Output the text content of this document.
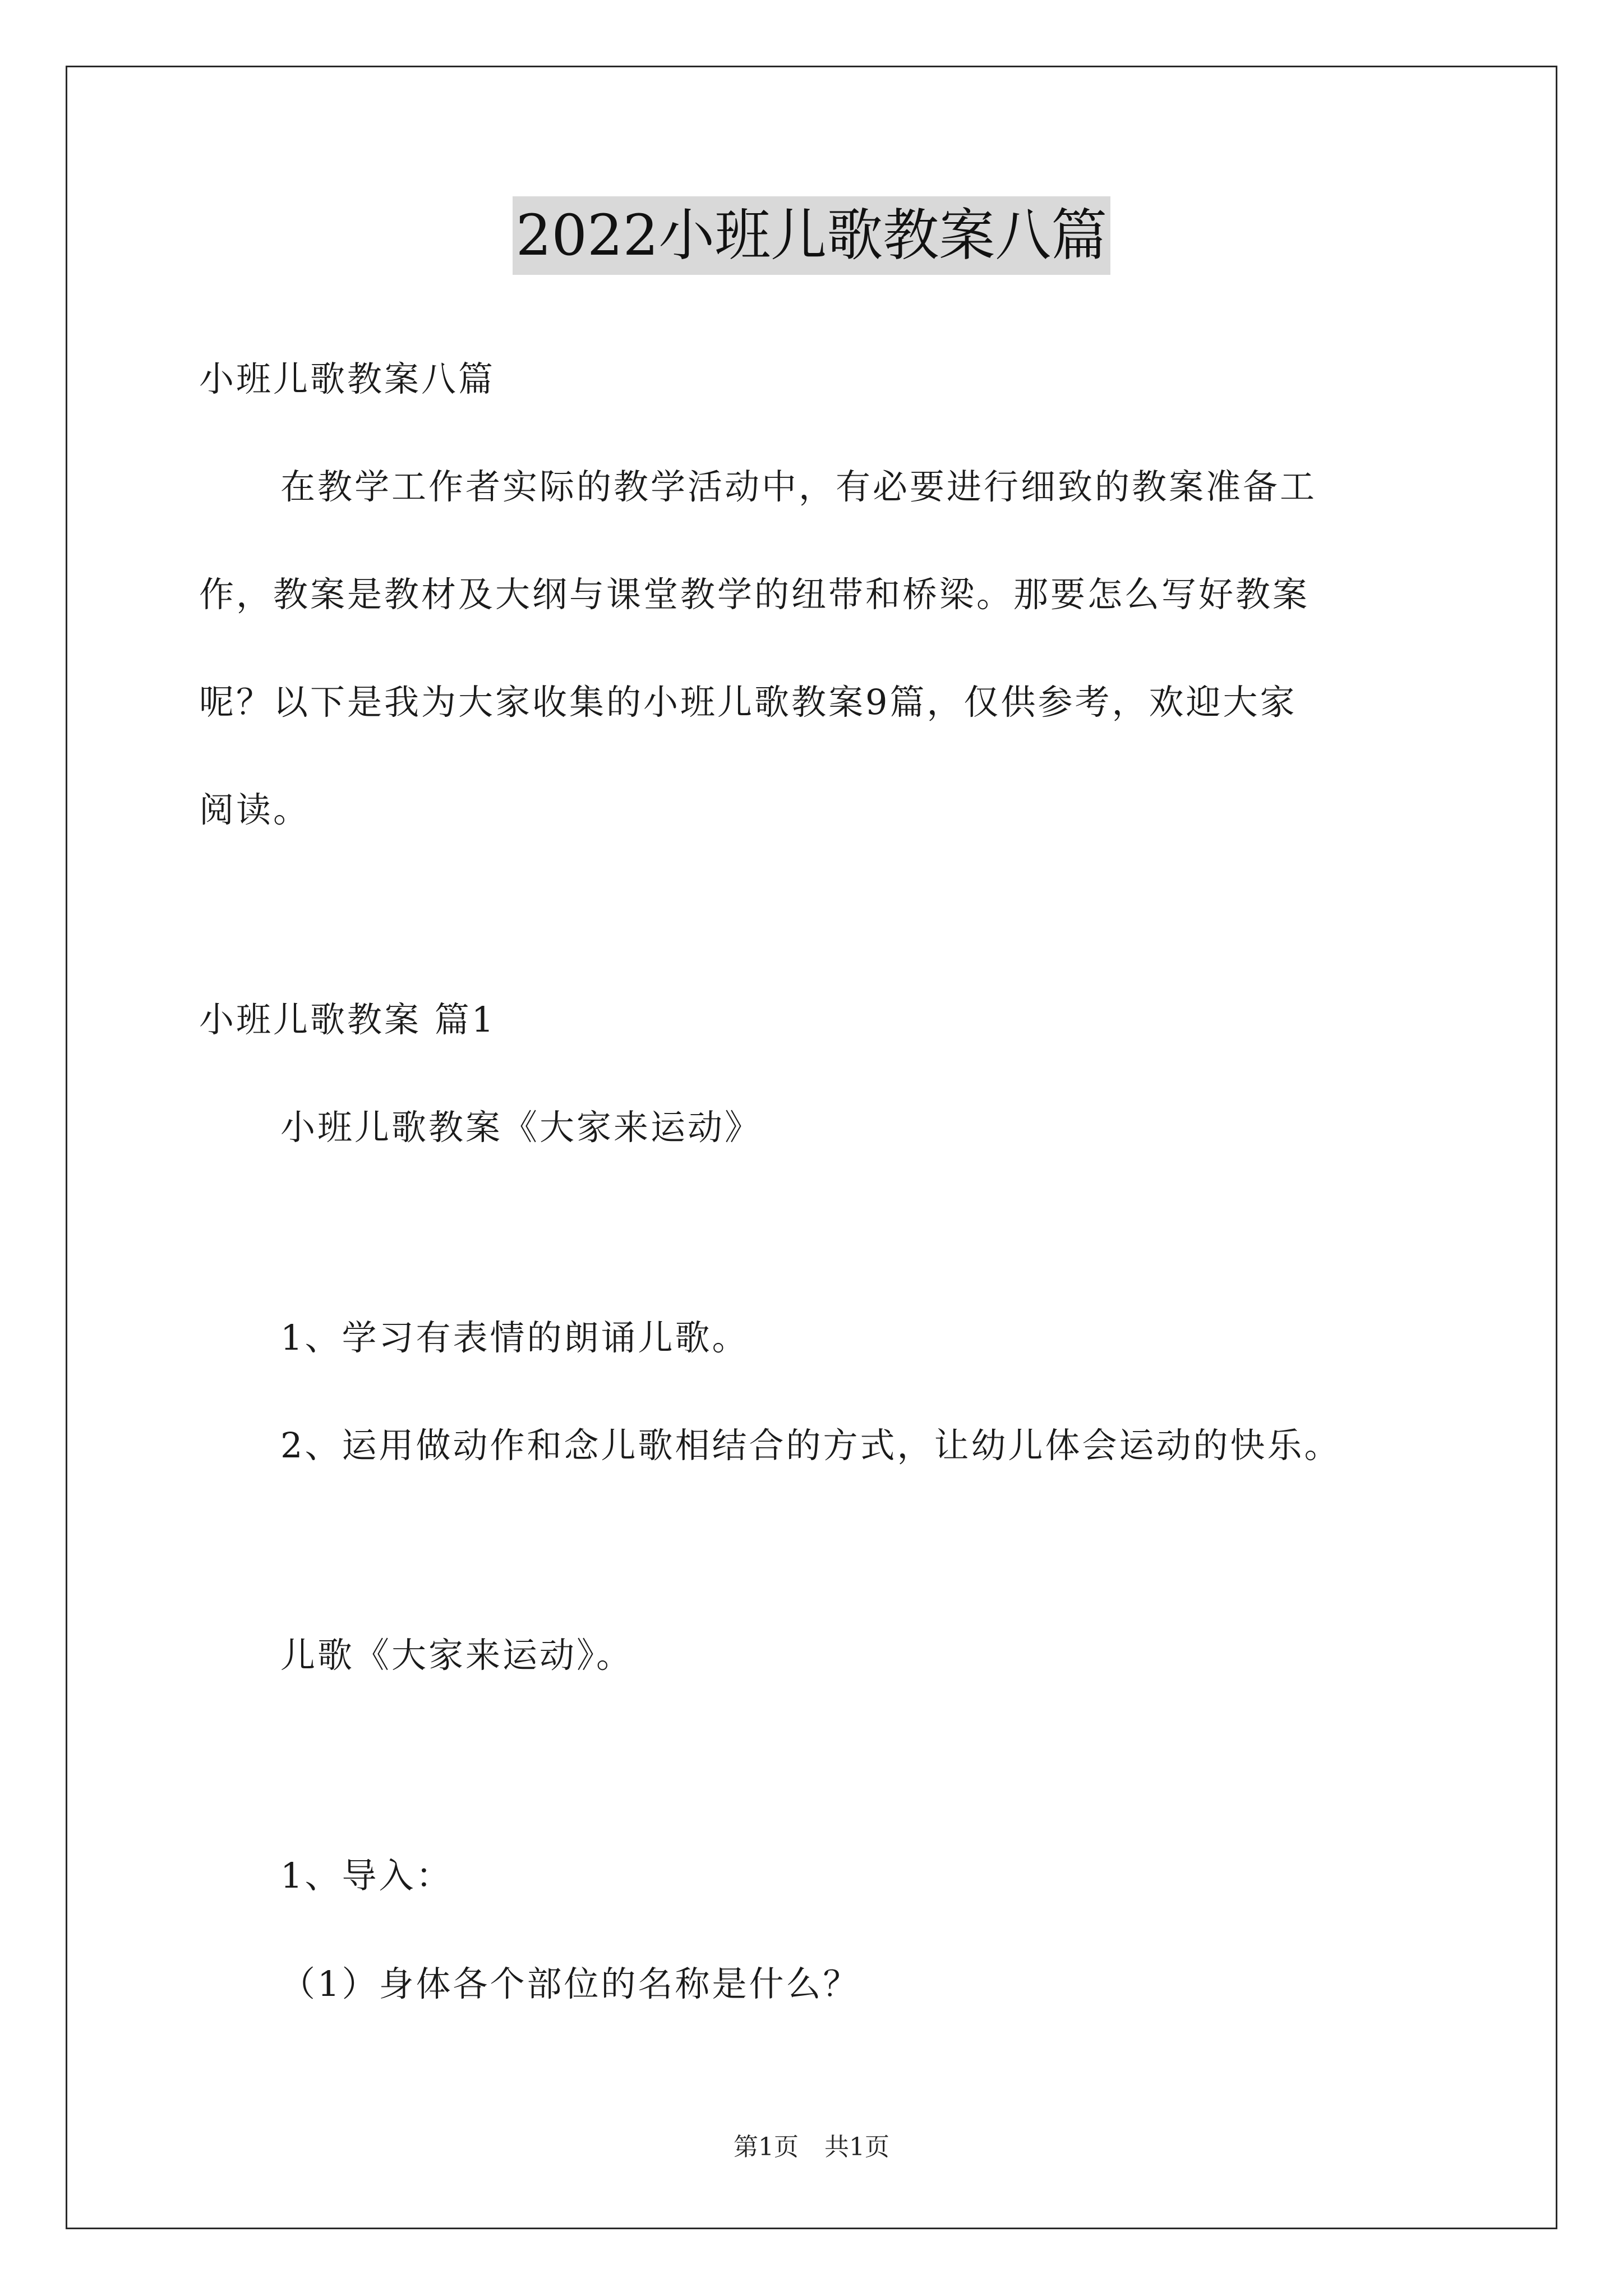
2022小班儿歌教案八篇
小班儿歌教案八篇
在教学工作者实际的教学活动中，有必要进行细致的教案准备工
作，教案是教材及大纲与课堂教学的纽带和桥梁。那要怎么写好教案
呢？以下是我为大家收集的小班儿歌教案9篇，仅供参考，欢迎大家
阅读。
小班儿歌教案 篇1
小班儿歌教案《大家来运动》
1、学习有表情的朗诵儿歌。
2、运用做动作和念儿歌相结合的方式，让幼儿体会运动的快乐。
儿歌《大家来运动》。
1、导入：
（1）身体各个部位的名称是什么？
第1页 共1页
